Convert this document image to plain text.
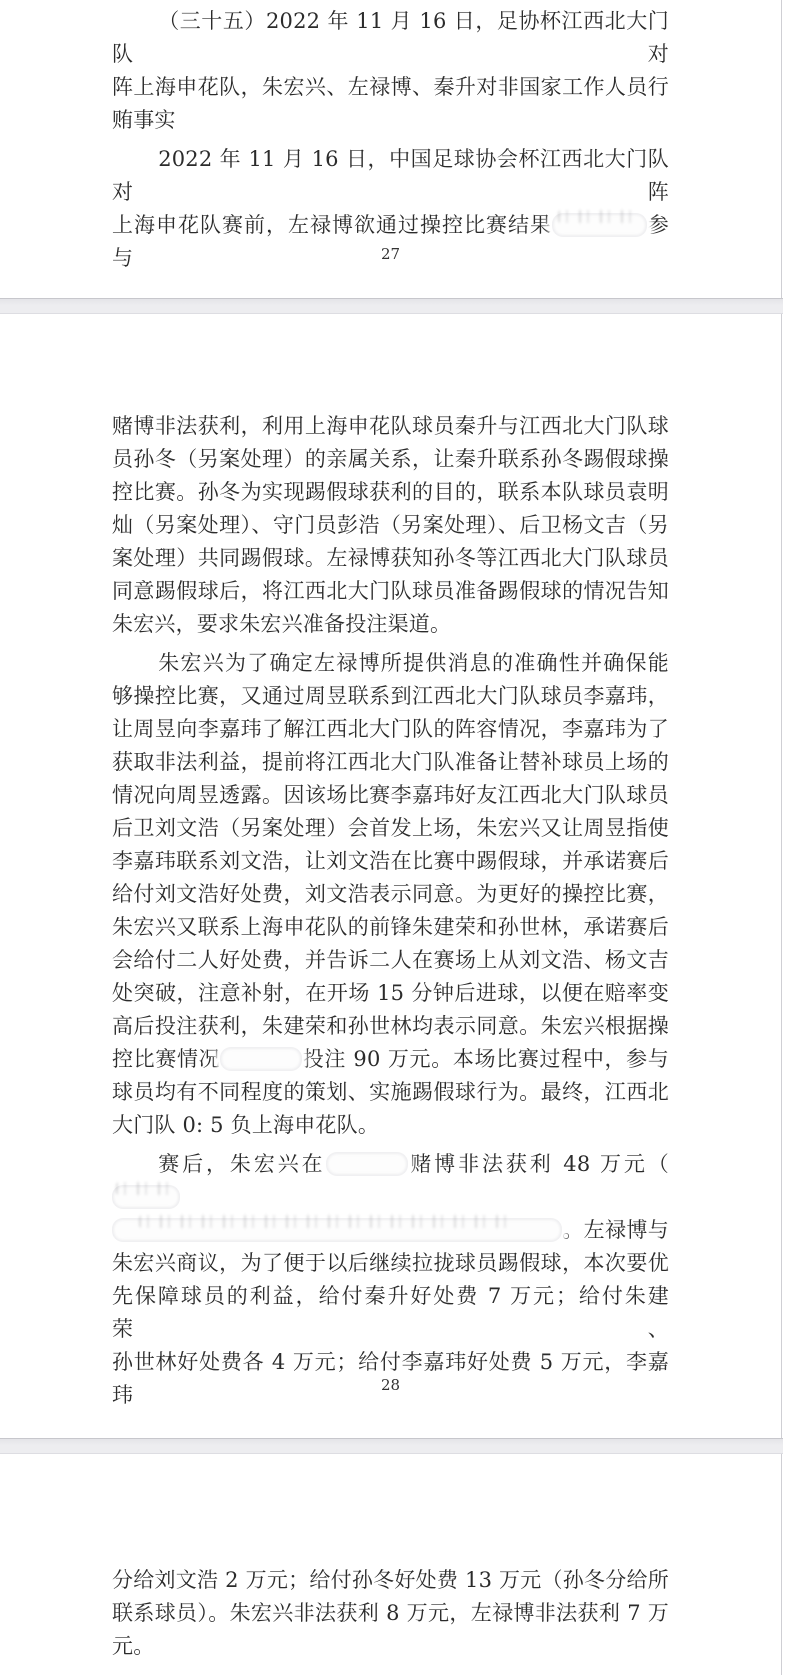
（三十五）2022 年 11 月 16 日，足协杯江西北大门队对
阵上海申花队，朱宏兴、左禄博、秦升对非国家工作人员行
贿事实
2022 年 11 月 16 日，中国足球协会杯江西北大门队对阵
上海申花队赛前，左禄博欲通过操控比赛结果	参与	27
赌博非法获利，利用上海申花队球员秦升与江西北大门队球
员孙冬（另案处理）的亲属关系，让秦升联系孙冬踢假球操
控比赛。孙冬为实现踢假球获利的目的，联系本队球员袁明
灿（另案处理）、守门员彭浩（另案处理）、后卫杨文吉（另
案处理）共同踢假球。左禄博获知孙冬等江西北大门队球员
同意踢假球后，将江西北大门队球员准备踢假球的情况告知
朱宏兴，要求朱宏兴准备投注渠道。
朱宏兴为了确定左禄博所提供消息的准确性并确保能
够操控比赛，又通过周昱联系到江西北大门队球员李嘉玮，
让周昱向李嘉玮了解江西北大门队的阵容情况，李嘉玮为了
获取非法利益，提前将江西北大门队准备让替补球员上场的
情况向周昱透露。因该场比赛李嘉玮好友江西北大门队球员
后卫刘文浩（另案处理）会首发上场，朱宏兴又让周昱指使
李嘉玮联系刘文浩，让刘文浩在比赛中踢假球，并承诺赛后
给付刘文浩好处费，刘文浩表示同意。为更好的操控比赛，
朱宏兴又联系上海申花队的前锋朱建荣和孙世林，承诺赛后
会给付二人好处费，并告诉二人在赛场上从刘文浩、杨文吉
处突破，注意补射，在开场 15 分钟后进球，以便在赔率变
高后投注获利，朱建荣和孙世林均表示同意。朱宏兴根据操
控比赛情况	投注 90 万元。本场比赛过程中，参与
球员均有不同程度的策划、实施踢假球行为。最终，江西北
大门队 0: 5 负上海申花队。
赛后，朱宏兴在	赌博非法获利 48 万元（
。左禄博与
朱宏兴商议，为了便于以后继续拉拢球员踢假球，本次要优
先保障球员的利益，给付秦升好处费 7 万元；给付朱建荣、
孙世林好处费各 4 万元；给付李嘉玮好处费 5 万元，李嘉玮	28
分给刘文浩 2 万元；给付孙冬好处费 13 万元（孙冬分给所
联系球员）。朱宏兴非法获利 8 万元，左禄博非法获利 7 万
元。
